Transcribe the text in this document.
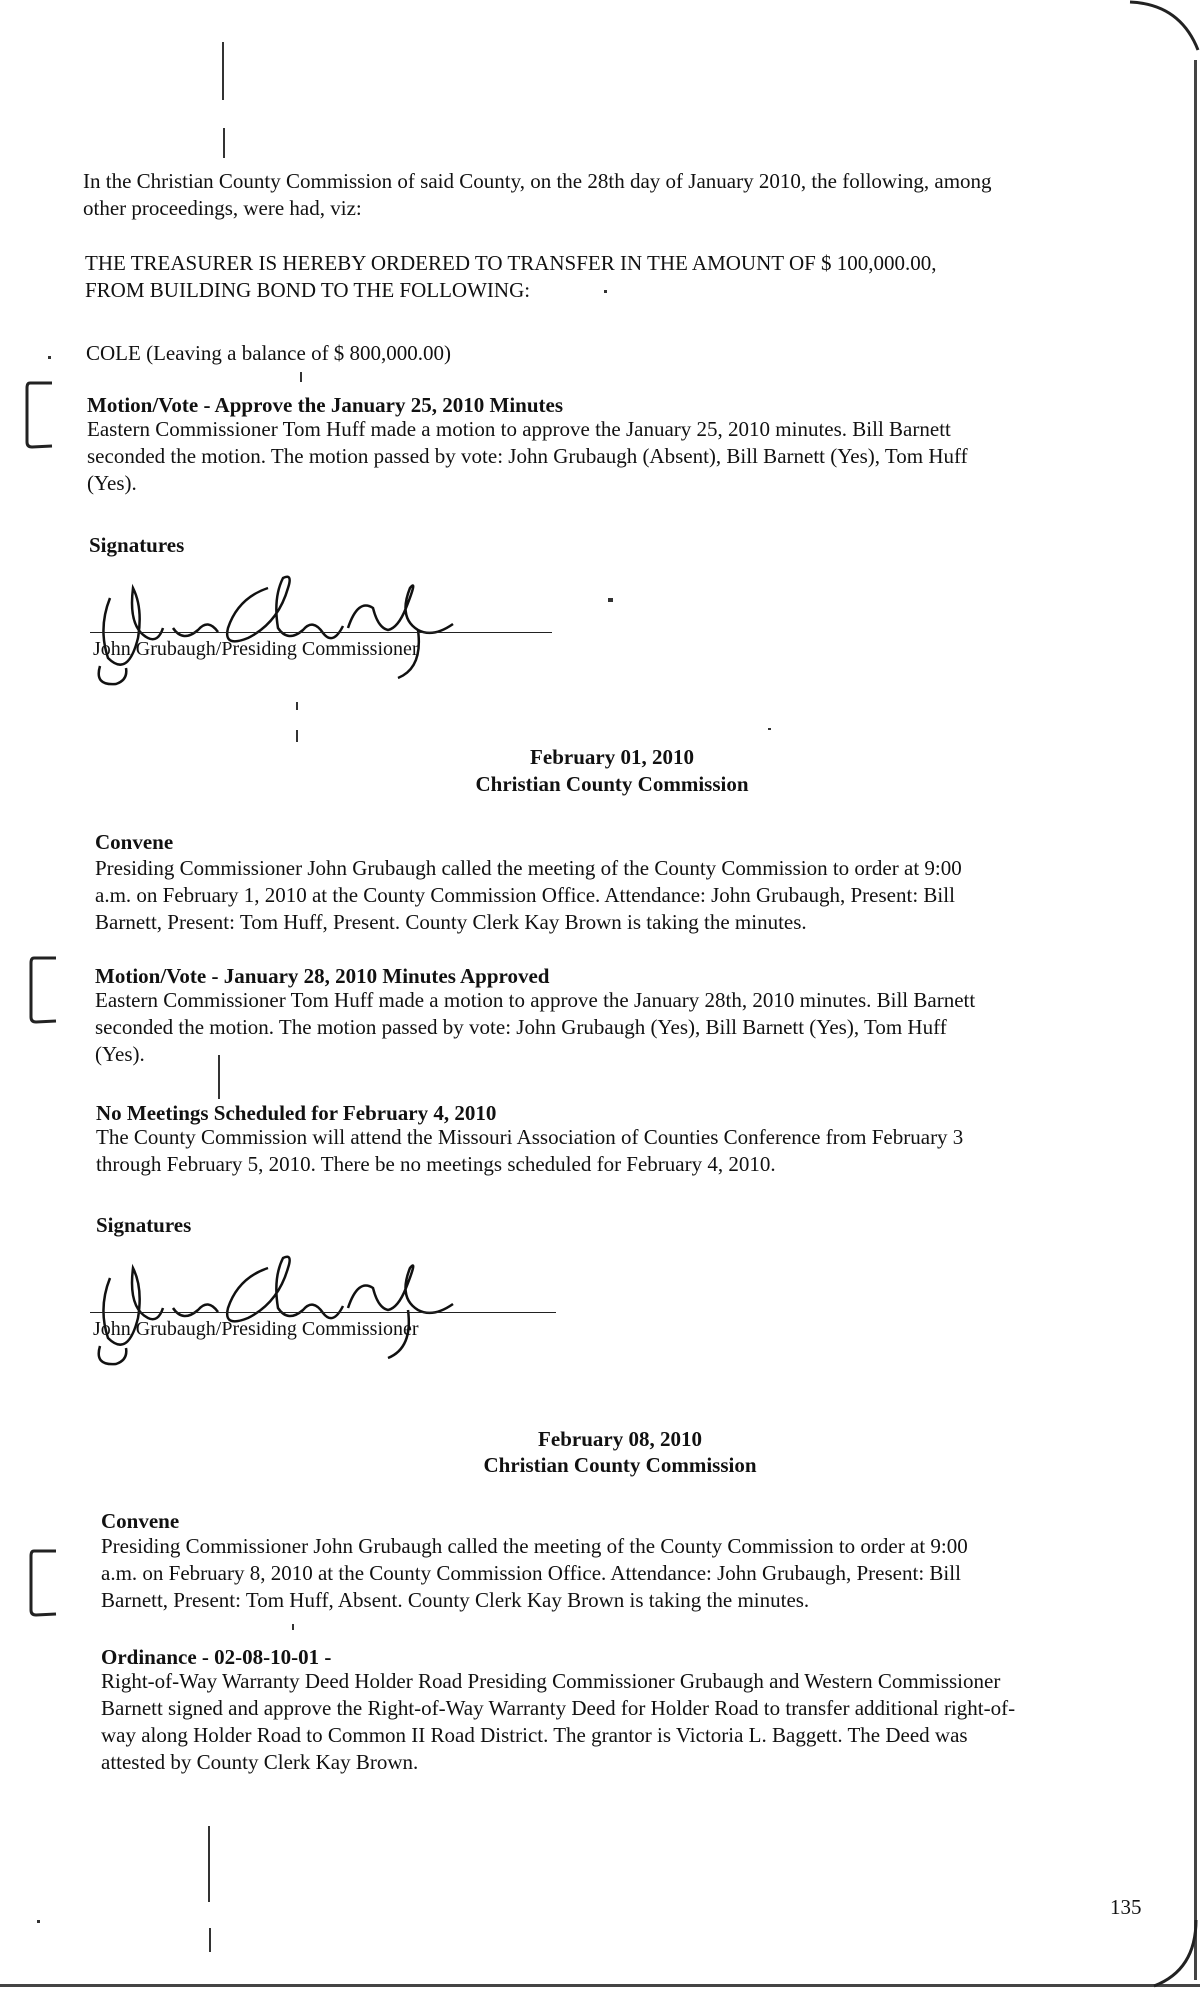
In the Christian County Commission of said County, on the 28th day of January 2010, the following, among
other proceedings, were had, viz:

THE TREASURER IS HEREBY ORDERED TO TRANSFER IN THE AMOUNT OF $ 100,000.00,
FROM BUILDING BOND TO THE FOLLOWING:

COLE (Leaving a balance of $ 800,000.00)

Motion/Vote - Approve the January 25, 2010 Minutes

Eastern Commissioner Tom Huff made a motion to approve the January 25, 2010 minutes. Bill Barnett
seconded the motion. The motion passed by vote: John Grubaugh (Absent), Bill Barnett (Yes), Tom Huff
(Yes).

Signatures
John Grubaugh/Presiding Commissioner
February 01, 2010
Christian County Commission
Convene

Presiding Commissioner John Grubaugh called the meeting of the County Commission to order at 9:00
a.m. on February 1, 2010 at the County Commission Office. Attendance: John Grubaugh, Present: Bill
Barnett, Present: Tom Huff, Present. County Clerk Kay Brown is taking the minutes.

Motion/Vote - January 28, 2010 Minutes Approved

Eastern Commissioner Tom Huff made a motion to approve the January 28th, 2010 minutes. Bill Barnett
seconded the motion. The motion passed by vote: John Grubaugh (Yes), Bill Barnett (Yes), Tom Huff
(Yes).

No Meetings Scheduled for February 4, 2010

The County Commission will attend the Missouri Association of Counties Conference from February 3
through February 5, 2010. There be no meetings scheduled for February 4, 2010.

Signatures
John Grubaugh/Presiding Commissioner
February 08, 2010
Christian County Commission
Convene

Presiding Commissioner John Grubaugh called the meeting of the County Commission to order at 9:00
a.m. on February 8, 2010 at the County Commission Office. Attendance: John Grubaugh, Present: Bill
Barnett, Present: Tom Huff, Absent. County Clerk Kay Brown is taking the minutes.

Ordinance - 02-08-10-01 -

Right-of-Way Warranty Deed Holder Road Presiding Commissioner Grubaugh and Western Commissioner
Barnett signed and approve the Right-of-Way Warranty Deed for Holder Road to transfer additional right-of-
way along Holder Road to Common II Road District. The grantor is Victoria L. Baggett. The Deed was
attested by County Clerk Kay Brown.

135
